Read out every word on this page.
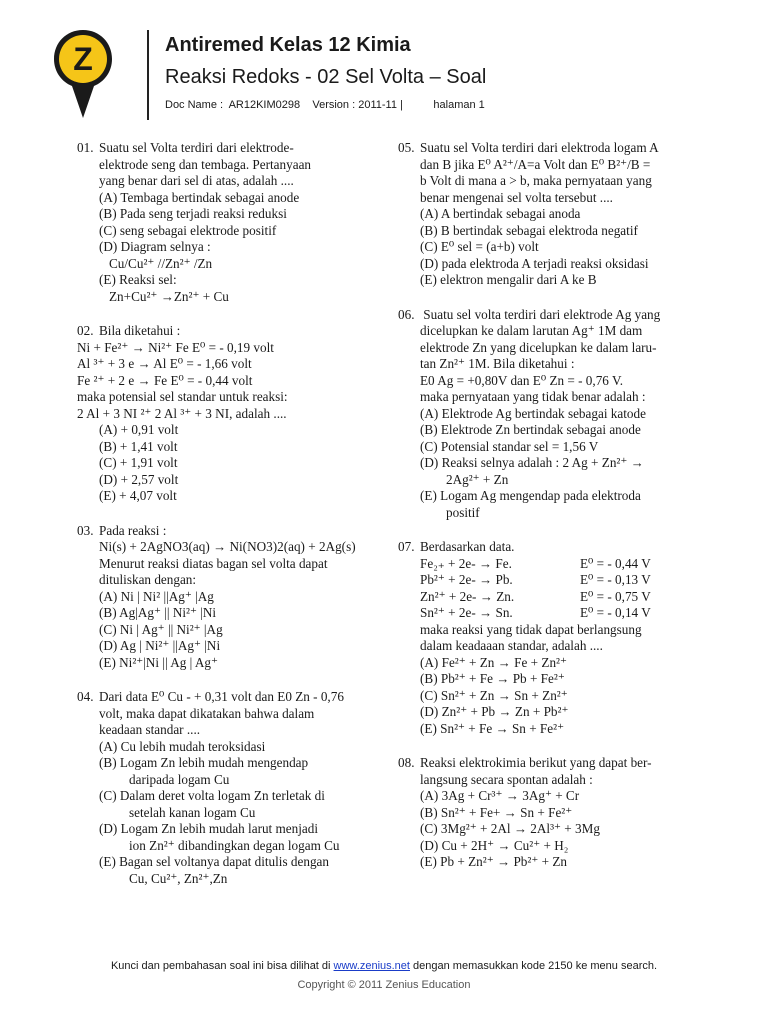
Z	Antiremed Kelas 12 Kimia
Reaksi Redoks - 02 Sel Volta – Soal
Doc Name :  AR12KIM0298    Version : 2011-11 |          halaman 1
01. Suatu sel Volta terdiri dari elektrode-
elektrode seng dan tembaga. Pertanyaan
yang benar dari sel di atas, adalah ....
(A) Tembaga bertindak sebagai anode
(B) Pada seng terjadi reaksi reduksi
(C) seng sebagai elektrode positif
(D) Diagram selnya :
Cu/Cu²⁺ //Zn²⁺ /Zn
(E) Reaksi sel:
Zn+Cu²⁺ →Zn²⁺ + Cu
02. Bila diketahui :
Ni + Fe²⁺ → Ni²⁺ Fe E⁰ = - 0,19 volt
Al ³⁺ + 3 e → Al E⁰ = - 1,66 volt
Fe ²⁺ + 2 e → Fe E⁰ = - 0,44 volt
maka potensial sel standar untuk reaksi:
2 Al + 3 NI ²⁺ 2 Al ³⁺ + 3 NI, adalah ....
(A) + 0,91 volt
(B) + 1,41 volt
(C) + 1,91 volt
(D) + 2,57 volt
(E) + 4,07 volt
03. Pada reaksi :
Ni(s) + 2AgNO3(aq) → Ni(NO3)2(aq) + 2Ag(s)
Menurut reaksi diatas bagan sel volta dapat
dituliskan dengan:
(A) Ni | Ni² ||Ag⁺ |Ag
(B) Ag|Ag⁺ || Ni²⁺ |Ni
(C) Ni | Ag⁺ || Ni²⁺ |Ag
(D) Ag | Ni²⁺ ||Ag⁺ |Ni
(E) Ni²⁺|Ni || Ag | Ag⁺
04. Dari data E⁰ Cu - + 0,31 volt dan E0 Zn - 0,76
volt, maka dapat dikatakan bahwa dalam
keadaan standar ....
(A) Cu lebih mudah teroksidasi
(B) Logam Zn lebih mudah mengendap
daripada logam Cu
(C) Dalam deret volta logam Zn terletak di
setelah kanan logam Cu
(D) Logam Zn lebih mudah larut menjadi
ion Zn²⁺ dibandingkan degan logam Cu
(E) Bagan sel voltanya dapat ditulis dengan
Cu, Cu²⁺, Zn²⁺,Zn
05. Suatu sel Volta terdiri dari elektroda logam A
dan B jika E⁰ A²⁺/A=a Volt dan E⁰ B²⁺/B =
b Volt di mana a > b, maka pernyataan yang
benar mengenai sel volta tersebut ....
(A) A bertindak sebagai anoda
(B) B bertindak sebagai elektroda negatif
(C) E⁰ sel = (a+b) volt
(D) pada elektroda A terjadi reaksi oksidasi
(E) elektron mengalir dari A ke B
06. Suatu sel volta terdiri dari elektrode Ag yang
dicelupkan ke dalam larutan Ag⁺ 1M dam
elektrode Zn yang dicelupkan ke dalam laru-
tan Zn²⁺ 1M. Bila diketahui :
E0 Ag = +0,80V dan E⁰ Zn = - 0,76 V.
maka pernyataan yang tidak benar adalah :
(A) Elektrode Ag bertindak sebagai katode
(B) Elektrode Zn bertindak sebagai anode
(C) Potensial standar sel = 1,56 V
(D) Reaksi selnya adalah : 2 Ag + Zn²⁺ →
2Ag²⁺ + Zn
(E) Logam Ag mengendap pada elektroda
positif
07. Berdasarkan data.
Fe₂₊ + 2e- → Fe.	E⁰ = - 0,44 V
Pb²⁺ + 2e- → Pb.	E⁰ = - 0,13 V
Zn²⁺ + 2e- → Zn.	E⁰ = - 0,75 V
Sn²⁺ + 2e- → Sn.	E⁰ = - 0,14 V
maka reaksi yang tidak dapat berlangsung
dalam keadaaan standar, adalah ....
(A) Fe²⁺ + Zn → Fe + Zn²⁺
(B) Pb²⁺ + Fe → Pb + Fe²⁺
(C) Sn²⁺ + Zn → Sn + Zn²⁺
(D) Zn²⁺ + Pb → Zn + Pb²⁺
(E) Sn²⁺ + Fe → Sn + Fe²⁺
08. Reaksi elektrokimia berikut yang dapat ber-
langsung secara spontan adalah :
(A) 3Ag + Cr³⁺ → 3Ag⁺ + Cr
(B) Sn²⁺ + Fe+ → Sn + Fe²⁺
(C) 3Mg²⁺ + 2Al → 2Al³⁺ + 3Mg
(D) Cu + 2H⁺ → Cu²⁺ + H₂
(E) Pb + Zn²⁺ → Pb²⁺ + Zn
Kunci dan pembahasan soal ini bisa dilihat di www.zenius.net dengan memasukkan kode 2150 ke menu search.
Copyright © 2011 Zenius Education
